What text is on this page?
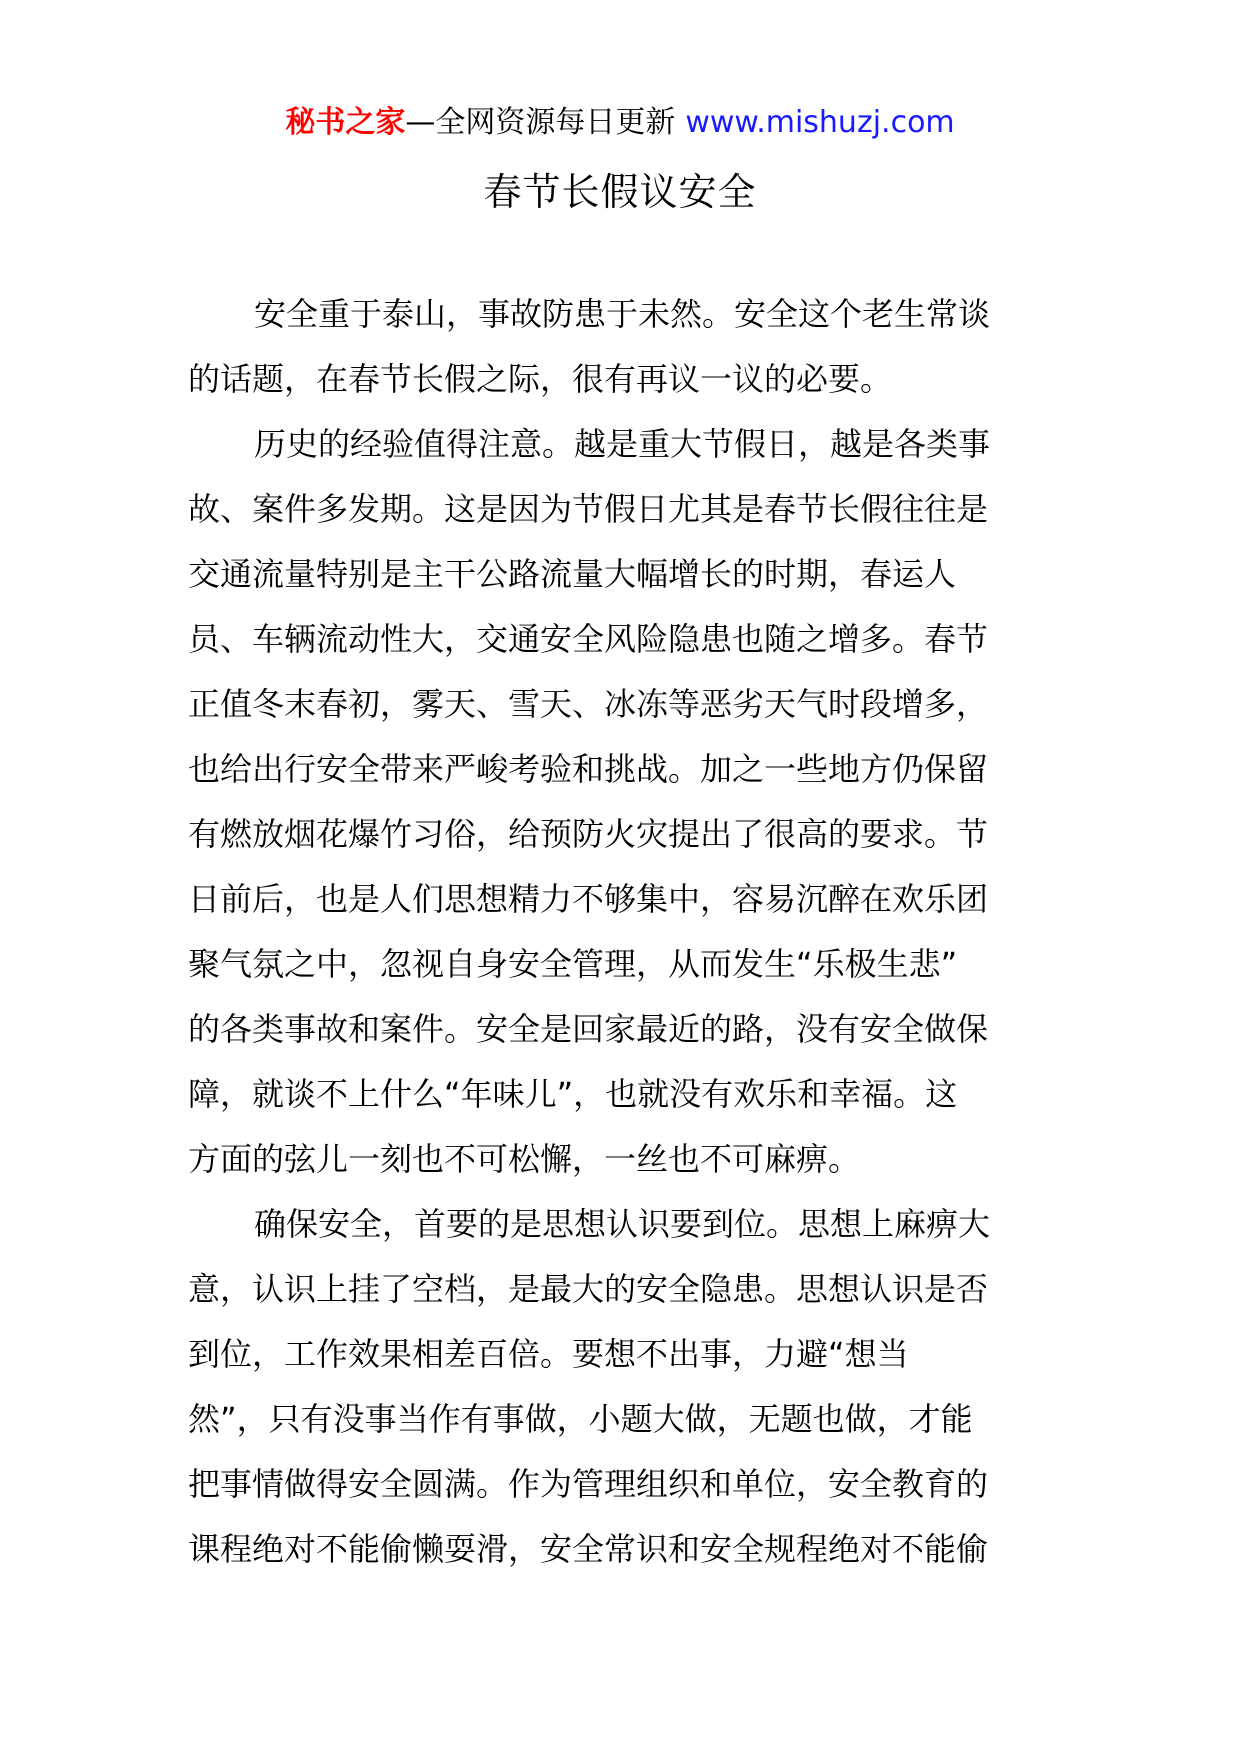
秘书之家—全网资源每日更新 www.mishuzj.com
春节长假议安全
安全重于泰山，事故防患于未然。安全这个老生常谈
的话题，在春节长假之际，很有再议一议的必要。
历史的经验值得注意。越是重大节假日，越是各类事
故、案件多发期。这是因为节假日尤其是春节长假往往是
交通流量特别是主干公路流量大幅增长的时期，春运人
员、车辆流动性大，交通安全风险隐患也随之增多。春节
正值冬末春初，雾天、雪天、冰冻等恶劣天气时段增多，
也给出行安全带来严峻考验和挑战。加之一些地方仍保留
有燃放烟花爆竹习俗，给预防火灾提出了很高的要求。节
日前后，也是人们思想精力不够集中，容易沉醉在欢乐团
聚气氛之中，忽视自身安全管理，从而发生“乐极生悲”
的各类事故和案件。安全是回家最近的路，没有安全做保
障，就谈不上什么“年味儿”，也就没有欢乐和幸福。这
方面的弦儿一刻也不可松懈，一丝也不可麻痹。
确保安全，首要的是思想认识要到位。思想上麻痹大
意，认识上挂了空档，是最大的安全隐患。思想认识是否
到位，工作效果相差百倍。要想不出事，力避“想当
然”，只有没事当作有事做，小题大做，无题也做，才能
把事情做得安全圆满。作为管理组织和单位，安全教育的
课程绝对不能偷懒耍滑，安全常识和安全规程绝对不能偷
